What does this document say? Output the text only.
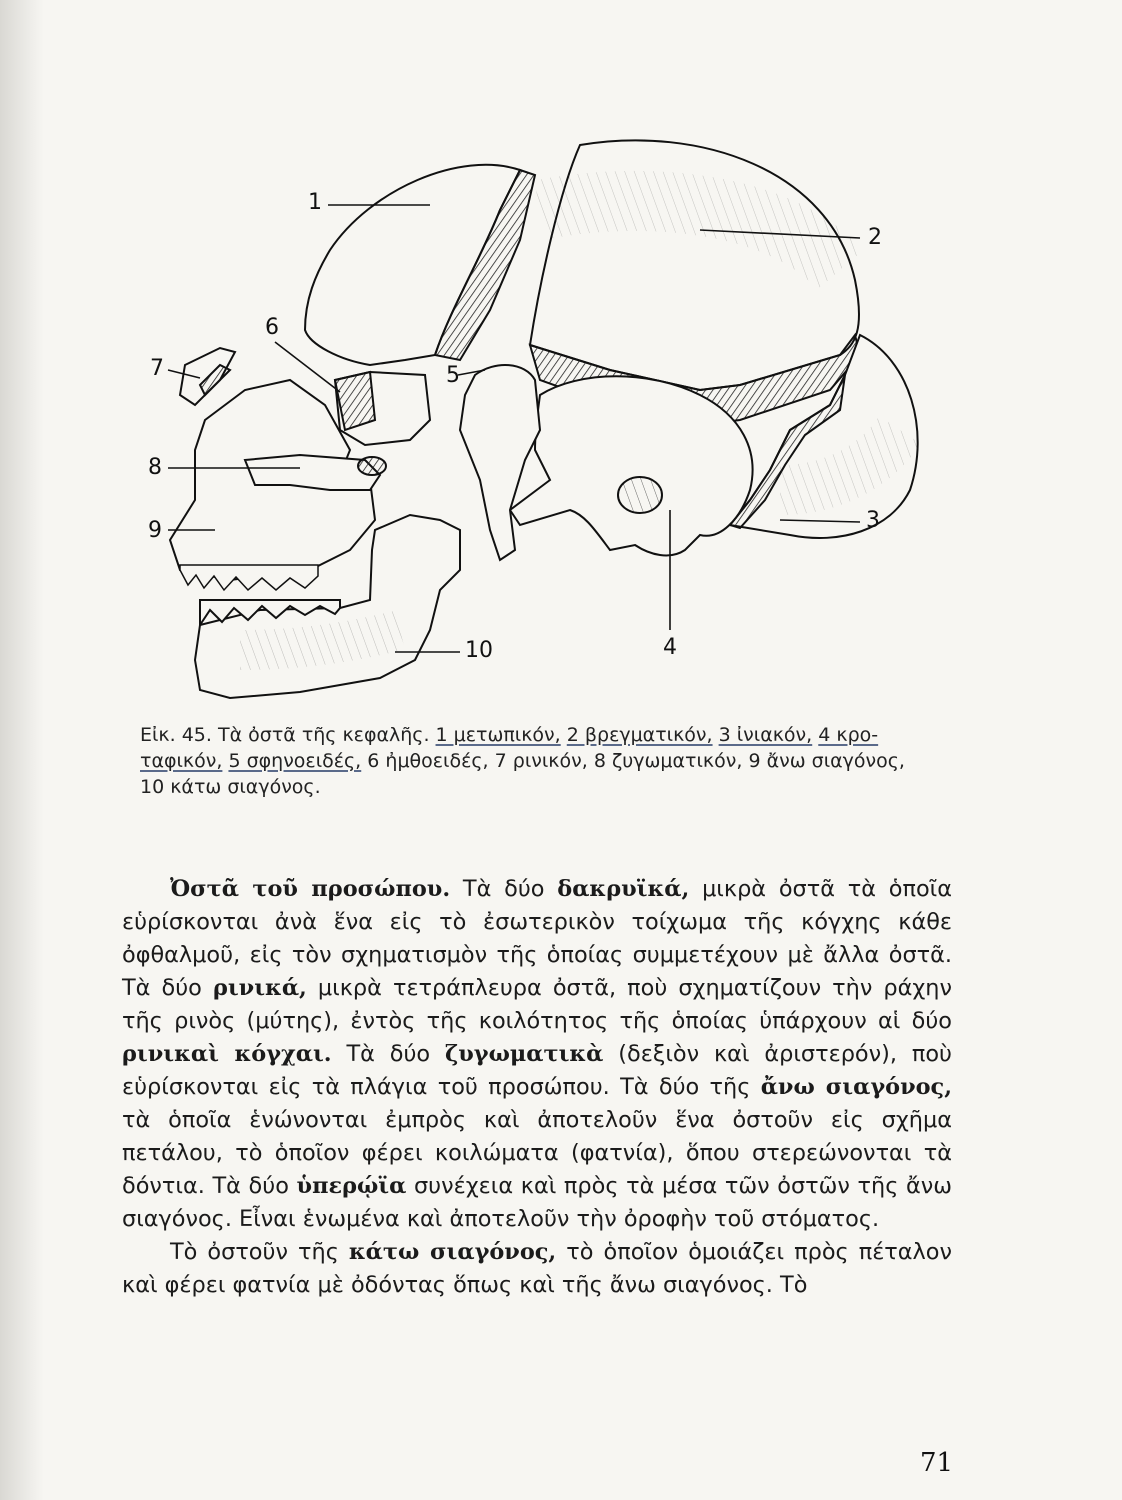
1
2
3
4
5
6
7
8
9
10
Εἰκ. 45. Τὰ ὀστᾶ τῆς κεφαλῆς. 1 μετωπικόν, 2 βρεγματικόν, 3 ἰνιακόν, 4 κρο-
ταφικόν, 5 σφηνοειδές, 6 ἠμθοειδές, 7 ρινικόν, 8 ζυγωματικόν, 9 ἄνω σιαγόνος,
10 κάτω σιαγόνος.

Ὀστᾶ τοῦ προσώπου. Τὰ δύο δακρυϊκά, μικρὰ ὀστᾶ τὰ ὁποῖα εὑρίσκονται ἀνὰ ἕνα εἰς τὸ ἐσωτερικὸν τοίχωμα τῆς κόγχης κάθε ὀφθαλμοῦ, εἰς τὸν σχηματισμὸν τῆς ὁποίας συμμετέχουν μὲ ἄλλα ὀστᾶ. Τὰ δύο ρινικά, μικρὰ τετράπλευρα ὀστᾶ, ποὺ σχηματίζουν τὴν ράχην τῆς ρινὸς (μύτης), ἐντὸς τῆς κοιλότητος τῆς ὁποίας ὑπάρχουν αἱ δύο ρινικαὶ κόγχαι. Τὰ δύο ζυγωματικὰ (δεξιὸν καὶ ἀριστερόν), ποὺ εὑρίσκονται εἰς τὰ πλάγια τοῦ προσώπου. Τὰ δύο τῆς ἄνω σιαγόνος, τὰ ὁποῖα ἑνώνονται ἐμπρὸς καὶ ἀποτελοῦν ἕνα ὀστοῦν εἰς σχῆμα πετάλου, τὸ ὁποῖον φέρει κοιλώματα (φατνία), ὅπου στερεώνονται τὰ δόντια. Τὰ δύο ὑπερῴϊα συνέχεια καὶ πρὸς τὰ μέσα τῶν ὀστῶν τῆς ἄνω σιαγόνος. Εἶναι ἑνωμένα καὶ ἀποτελοῦν τὴν ὀροφὴν τοῦ στόματος.

Τὸ ὀστοῦν τῆς κάτω σιαγόνος, τὸ ὁποῖον ὁμοιάζει πρὸς πέταλον καὶ φέρει φατνία μὲ ὀδόντας ὅπως καὶ τῆς ἄνω σιαγόνος. Τὸ

71
